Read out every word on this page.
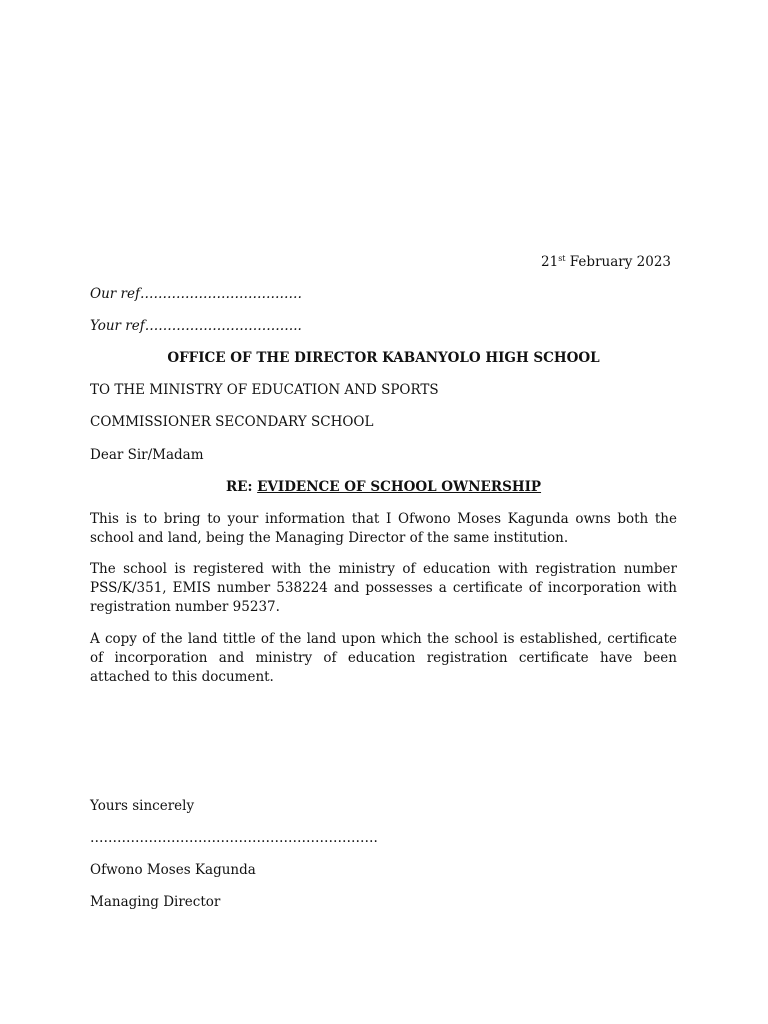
21st February 2023
Our ref………………………………
Your ref……………………………..
OFFICE OF THE DIRECTOR KABANYOLO HIGH SCHOOL
TO THE MINISTRY OF EDUCATION AND SPORTS
COMMISSIONER SECONDARY SCHOOL
Dear Sir/Madam
RE: EVIDENCE OF SCHOOL OWNERSHIP
This is to bring to your information that I Ofwono Moses Kagunda owns both the school and land, being the Managing Director of the same institution.
The school is registered with the ministry of education with registration number PSS/K/351, EMIS number 538224 and possesses a certificate of incorporation with registration number 95237.
A copy of the land tittle of the land upon which the school is established, certificate of incorporation and ministry of education registration certificate have been attached to this document.
Yours sincerely
……………………………………………………….
Ofwono Moses Kagunda
Managing Director
